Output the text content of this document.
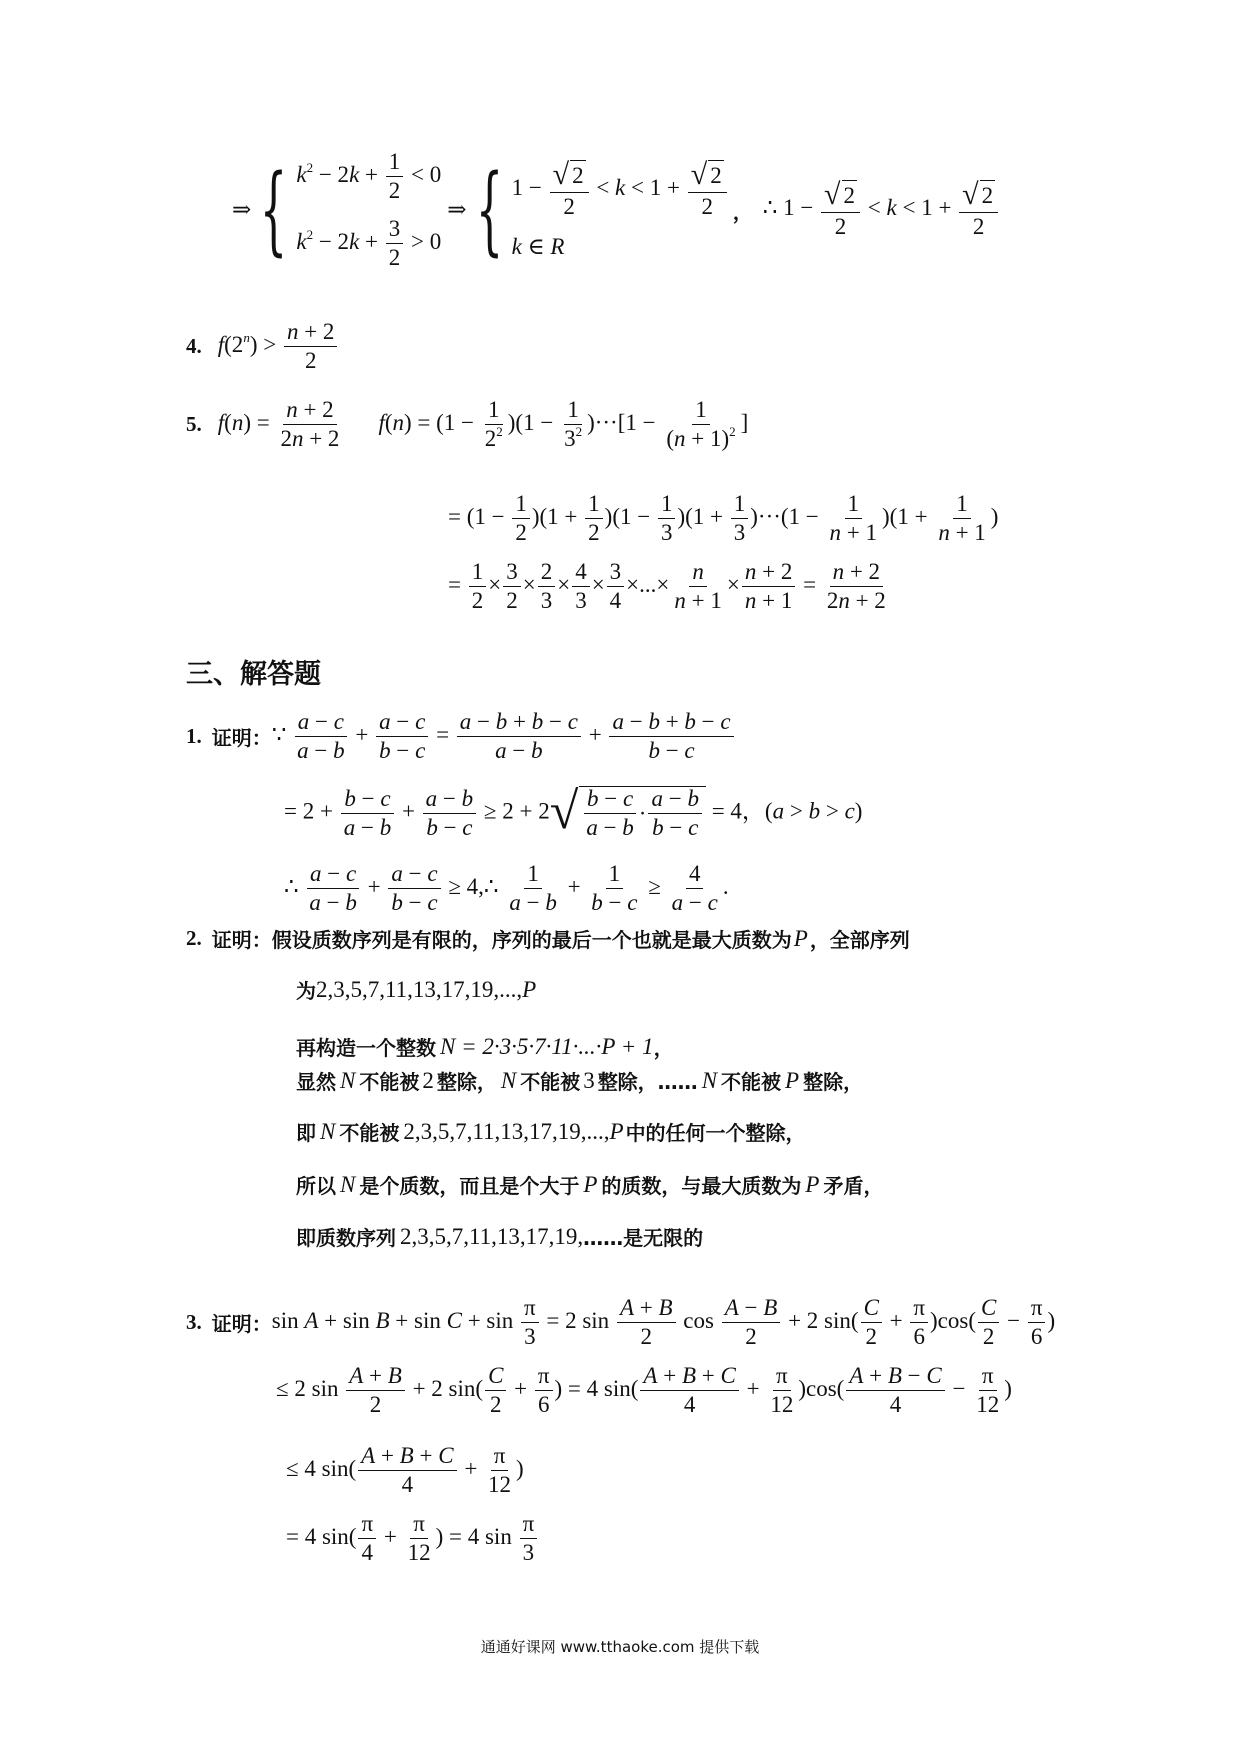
⇒ { $k^2 - 2k + \frac{1}{2} < 0$
$k^2 - 2k + \frac{3}{2} > 0$
⇒ { $1 - \frac{√ 2}{2} < k < 1 + \frac{√ 2}{2}$
k ∈ R
， ∴ $1 - \frac{√ 2}{2} < k < 1 + \frac{√ 2}{2}$
4. $f(2^n) > \frac{n + 2}{2}$
5. $f(n) = \frac{n + 2}{2n + 2} f(n) = (1 - \frac{1}{2^2} )(1 - \frac{1}{3^2} )\cdot\cdot\cdot[1 - \frac{1}{(n + 1)^2}$ ]
= $(1 - \frac{1}{2} )(1 + \frac{1}{2} )(1 - \frac{1}{3} )(1 + \frac{1}{3} )\cdot\cdot\cdot(1 - \frac{1}{n + 1} )(1 + \frac{1}{n + 1}$ )
= $\frac{1}{2} \times \frac{3}{2} \times \frac{2}{3} \times \frac{4}{3} \times \frac{3}{4}$ ×...× $\frac{n}{n + 1} \times \frac{n + 2}{n + 1} = \frac{n + 2}{2n + 2}$
三、解答题
1. 证明： ∵ $\frac{a - c}{a - b} + \frac{a - c}{b - c} = \frac{a - b + b - c}{a - b} + \frac{a - b + b - c}{b - c}$
= $2 + \frac{b - c}{a - b} + \frac{a - b}{b - c} \ge 2 + 2$ √ $\frac{b - c}{a - b} \cdot \frac{a - b}{b - c} = 4$，(a > b > c)
∴ $\frac{a - c}{a - b} + \frac{a - c}{b - c}$ ≥ 4,∴ $\frac{1}{a - b} + \frac{1}{b - c} \ge \frac{4}{a - c}$ .
2. 证明：假设质数序列是有限的，序列的最后一个也就是最大质数为 P ，全部序列
为 2,3,5,7,11,13,17,19,..., P
再构造一个整数 N = 2·3·5·7·11·...·P + 1 ，
显然 N 不能被 2 整除， N 不能被 3 整除，…… N 不能被 P 整除，
即 N 不能被 2,3,5,7,11,13,17,19,..., P 中的任何一个整除，
所以 N 是个质数，而且是个大于 P 的质数，与最大质数为 P 矛盾，
即质数序列 2,3,5,7,11,13,17,19, ……是无限的
3. 证明： $\sin A + \sin B + \sin C + \sin \frac{\pi}{3} = 2$ $\sin \frac{A + B}{2}$ $\cos \frac{A - B}{2} + 2$ $\sin( \frac{C}{2} + \frac{\pi}{6} )\cos( \frac{C}{2} - \frac{\pi}{6}$ )
≤ 2 $\sin \frac{A + B}{2} + 2$ $\sin( \frac{C}{2} + \frac{\pi}{6}$ ) = 4 $\sin( \frac{A + B + C}{4} + \frac{\pi}{12} )\cos( \frac{A + B - C}{4} - \frac{\pi}{12}$ )
≤ 4 $\sin( \frac{A + B + C}{4} + \frac{\pi}{12}$ )
= 4 $\sin( \frac{\pi}{4} + \frac{\pi}{12}$ ) = 4 $\sin \frac{\pi}{3}$
通通好课网 www.tthaoke.com 提供下载
